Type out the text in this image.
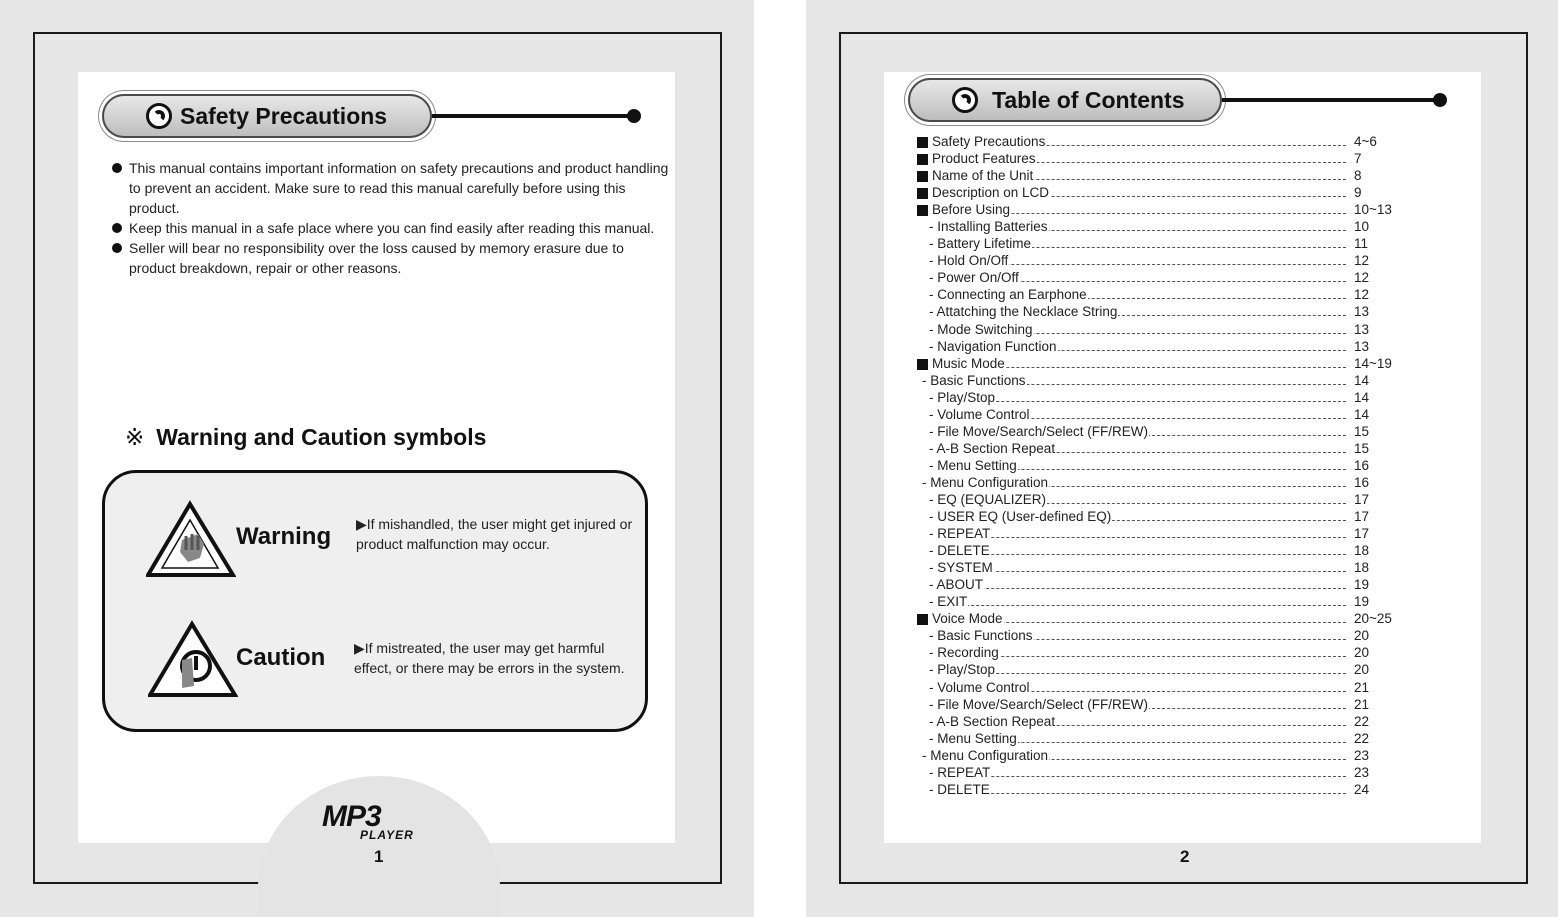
Safety Precautions
This manual contains important information on safety precautions and product handling to prevent an accident. Make sure to read this manual carefully before using this product.
Keep this manual in a safe place where you can find easily after reading this manual.
Seller will bear no responsibility over the loss caused by memory erasure due to product breakdown, repair or other reasons.
※ Warning and Caution symbols
Warning ▶If mishandled, the user might get injured or product malfunction may occur.
Caution ▶If mistreated, the user may get harmful effect, or there may be errors in the system.
MP3
PLAYER
1
Table of Contents
Safety Precautions	4~6
Product Features	7
Name of the Unit	8
Description on LCD	9
Before Using	10~13
- Installing Batteries	10
- Battery Lifetime	11
- Hold On/Off	12
- Power On/Off	12
- Connecting an Earphone	12
- Attatching the Necklace String	13
- Mode Switching	13
- Navigation Function	13
Music Mode	14~19
- Basic Functions	14
- Play/Stop	14
- Volume Control	14
- File Move/Search/Select (FF/REW)	15
- A-B Section Repeat	15
- Menu Setting	16
- Menu Configuration	16
- EQ (EQUALIZER)	17
- USER EQ (User-defined EQ)	17
- REPEAT	17
- DELETE	18
- SYSTEM	18
- ABOUT	19
- EXIT	19
Voice Mode	20~25
- Basic Functions	20
- Recording	20
- Play/Stop	20
- Volume Control	21
- File Move/Search/Select (FF/REW)	21
- A-B Section Repeat	22
- Menu Setting	22
- Menu Configuration	23
- REPEAT	23
- DELETE	24
2
